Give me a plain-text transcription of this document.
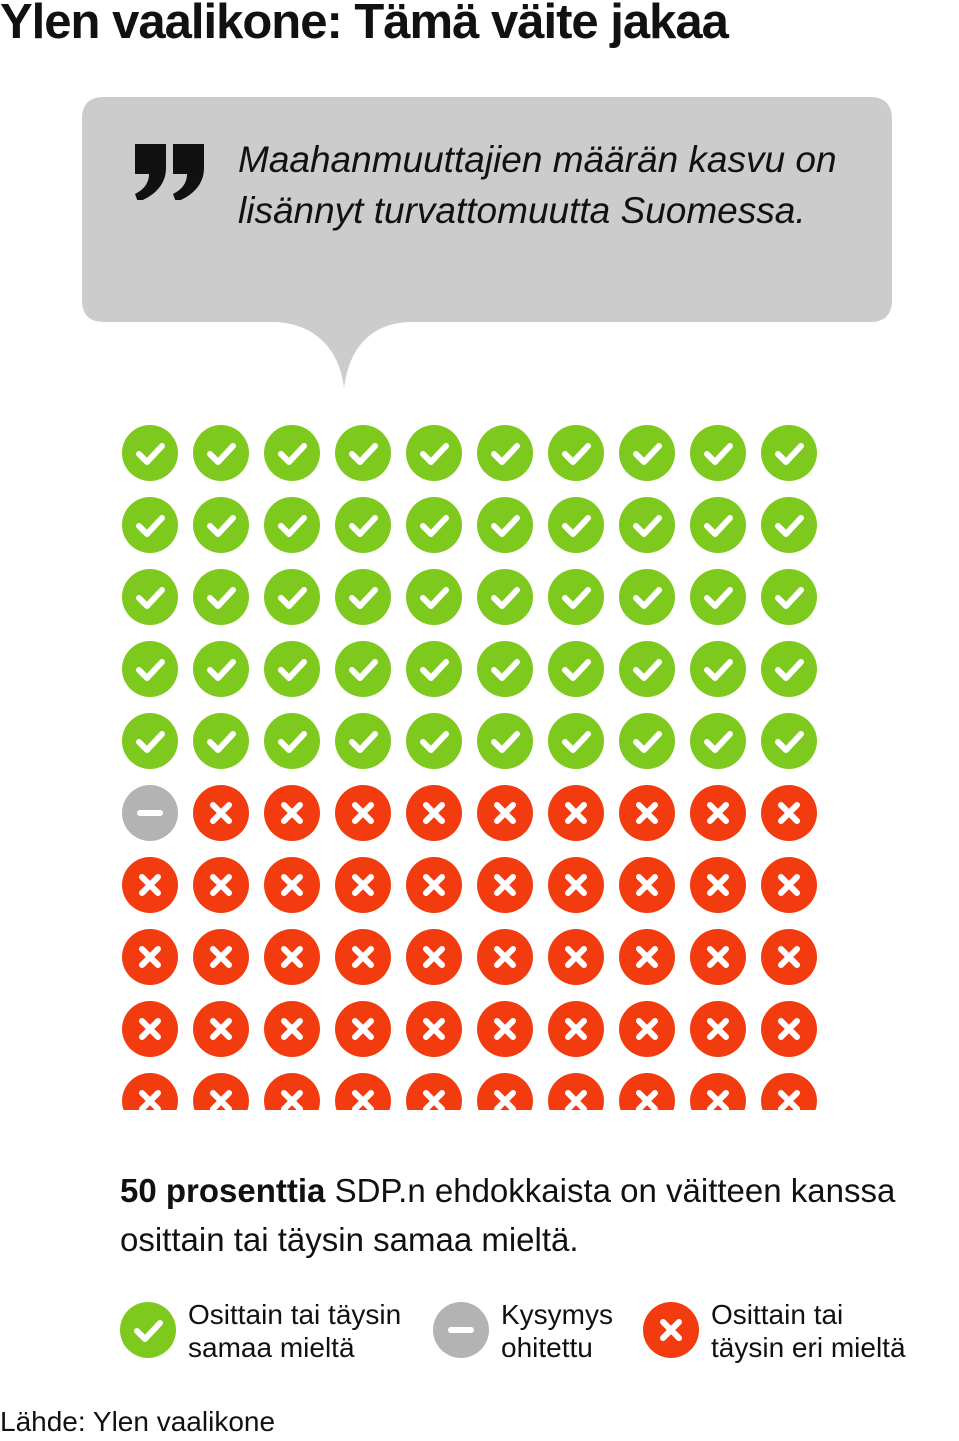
Ylen vaalikone: Tämä väite jakaa
Maahanmuuttajien määrän kasvu on lisännyt turvattomuutta Suomessa.
50 prosenttia SDP.n ehdokkaista on väitteen kanssa osittain tai täysin samaa mieltä.
Osittain tai täysin
samaa mieltä
Kysymys
ohitettu
Osittain tai
täysin eri mieltä
Lähde: Ylen vaalikone
